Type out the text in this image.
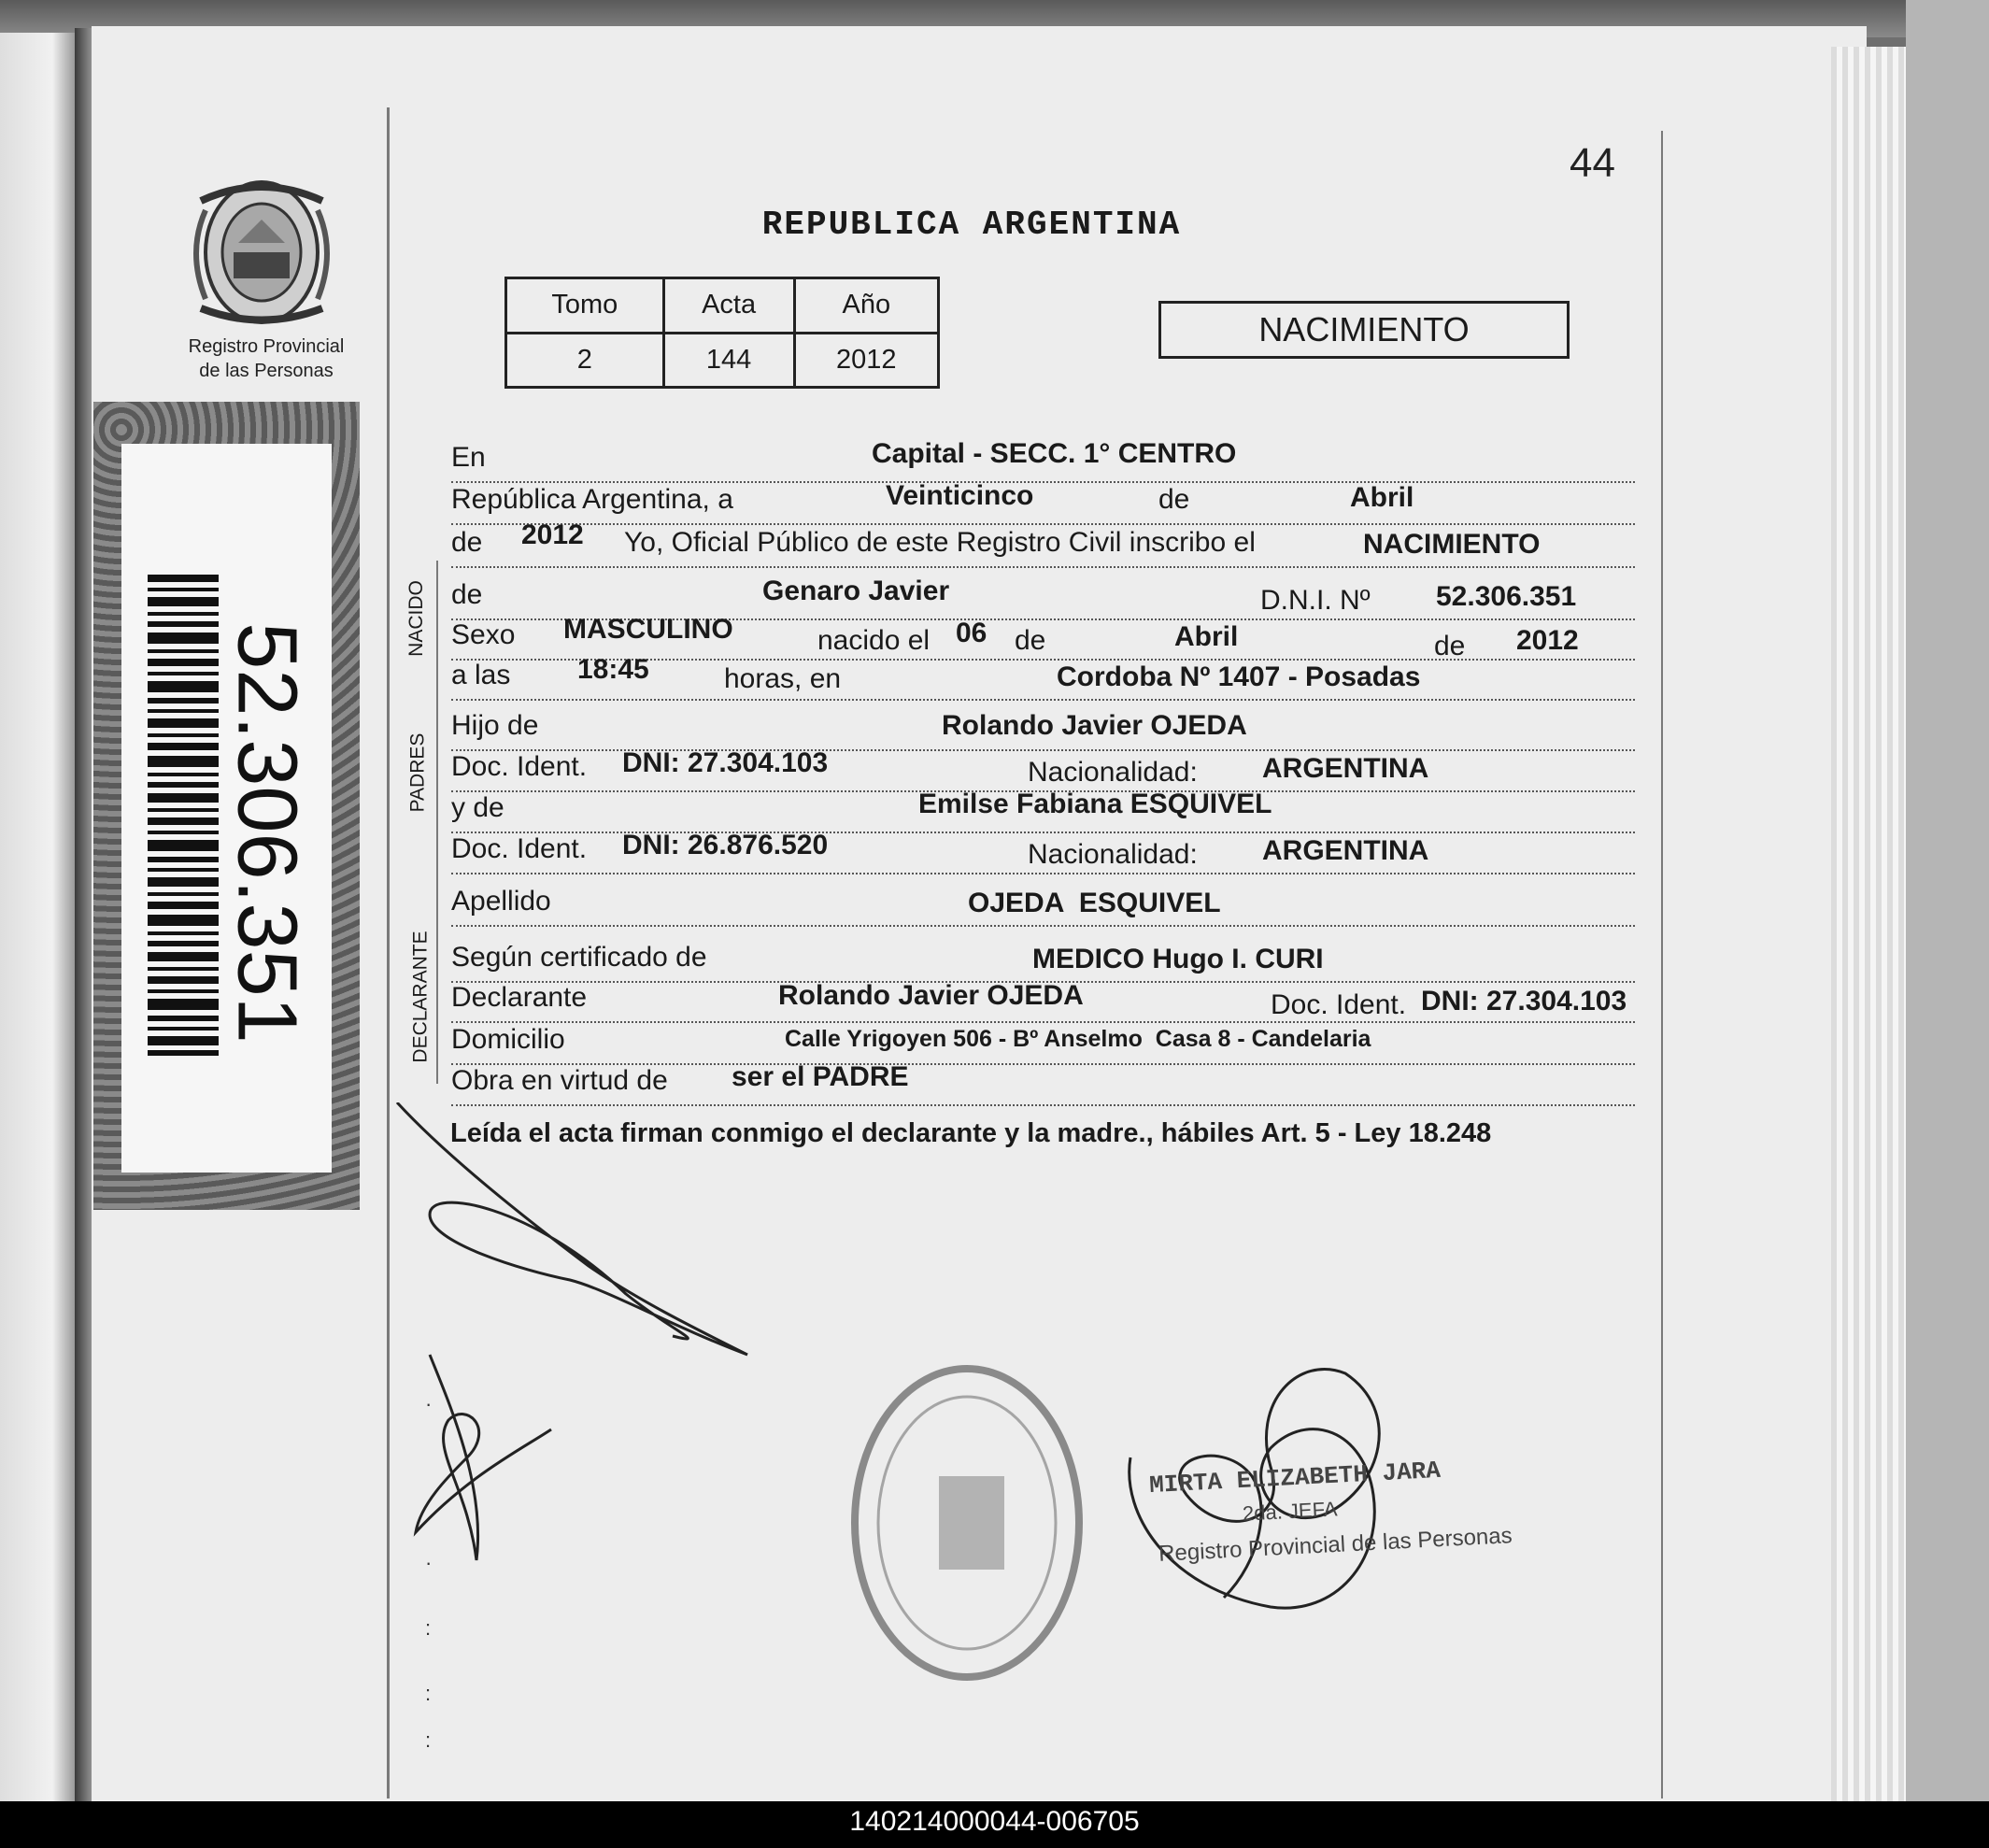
Registro Provincial
de las Personas
52.306.351
44
REPUBLICA ARGENTINA
Tomo	Acta	Año
2	144	2012
NACIMIENTO
NACIDO
PADRES
DECLARANTE
En	Capital - SECC. 1° CENTRO
República Argentina, a	Veinticinco	de	Abril
de 2012 Yo, Oficial Público de este Registro Civil inscribo el	NACIMIENTO
de	Genaro Javier	D.N.I. Nº 52.306.351
Sexo MASCULINO	nacido el 06 de	Abril	de 2012
a las 18:45	horas, en	Cordoba Nº 1407 - Posadas
Hijo de	Rolando Javier OJEDA
Doc. Ident. DNI: 27.304.103	Nacionalidad: ARGENTINA
y de	Emilse Fabiana ESQUIVEL
Doc. Ident. DNI: 26.876.520	Nacionalidad: ARGENTINA
Apellido	OJEDA  ESQUIVEL
Según certificado de	MEDICO Hugo I. CURI
Declarante	Rolando Javier OJEDA	Doc. Ident. DNI: 27.304.103
Domicilio	Calle Yrigoyen 506 - Bº Anselmo  Casa 8 - Candelaria
Obra en virtud de ser el PADRE
Leída el acta firman conmigo el declarante y la madre., hábiles Art. 5 - Ley 18.248
MIRTA ELIZABETH JARA
2da. JEFA
Registro Provincial de las Personas
·
·
:
:
:
140214000044-006705
